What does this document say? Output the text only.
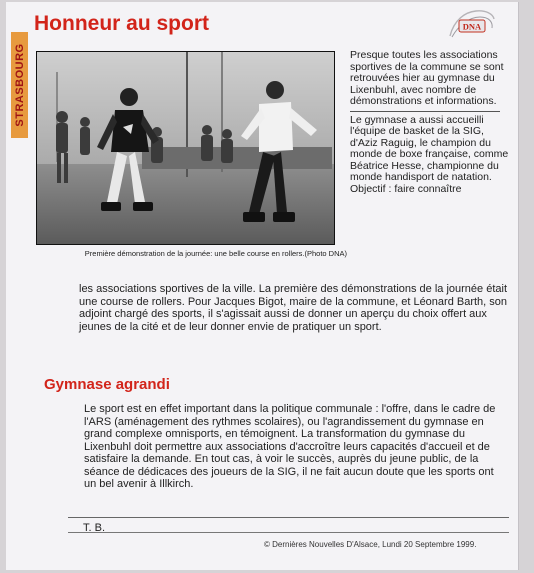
STRASBOURG
Honneur au sport	DNA
Première démonstration de la journée: une belle course en rollers.(Photo DNA)

Presque toutes les associations sportives de la commune se sont retrouvées hier au gymnase du Lixenbuhl, avec nombre de démonstrations et informations.

Le gymnase a aussi accueilli l'équipe de basket de la SIG, d'Aziz Raguig, le champion du monde de boxe française, comme Béatrice Hesse, championne du monde handisport de natation. Objectif : faire connaître

les associations sportives de la ville. La première des démonstrations de la journée était une course de rollers. Pour Jacques Bigot, maire de la commune, et Léonard Barth, son adjoint chargé des sports, il s'agissait aussi de donner un aperçu du choix offert aux jeunes de la cité et de leur donner envie de pratiquer un sport.

Gymnase agrandi

Le sport est en effet important dans la politique communale : l'offre, dans le cadre de l'ARS (aménagement des rythmes scolaires), ou l'agrandissement du gymnase en grand complexe omnisports, en témoignent. La transformation du gymnase du Lixenbuhl doit permettre aux associations d'accroître leurs capacités d'accueil et de satisfaire la demande. En tout cas, à voir le succès, auprès du jeune public, de la séance de dédicaces des joueurs de la SIG, il ne fait aucun doute que les sports ont un bel avenir à Illkirch.

T. B.
© Dernières Nouvelles D'Alsace, Lundi 20 Septembre 1999.
